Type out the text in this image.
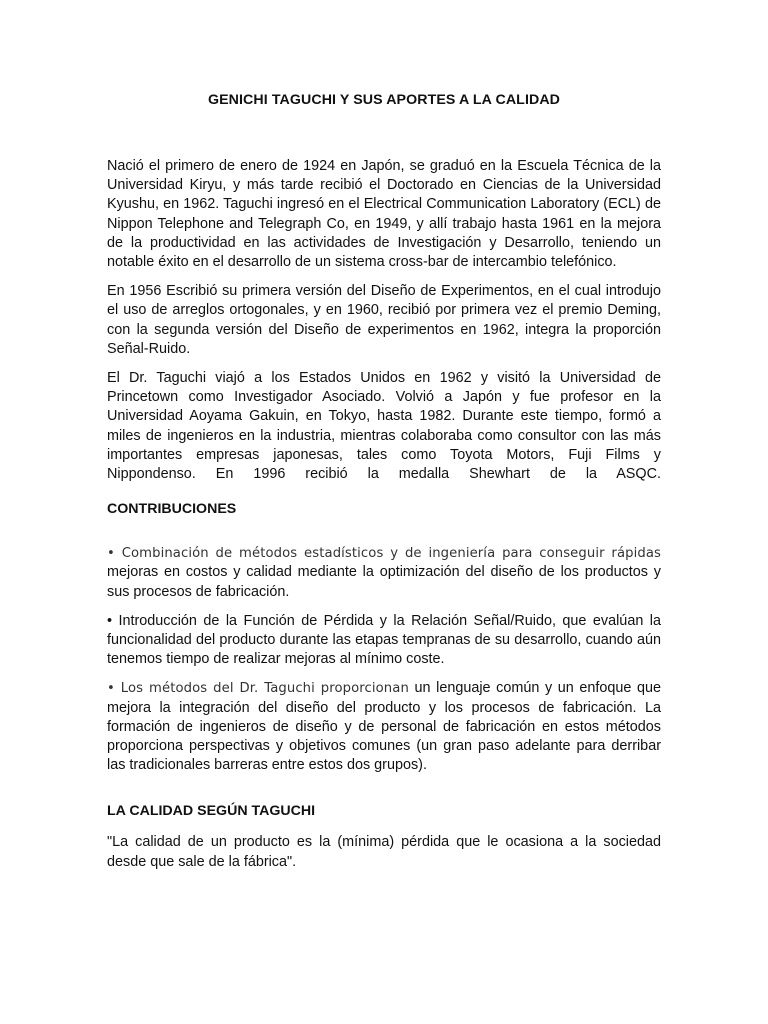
GENICHI TAGUCHI Y SUS APORTES A LA CALIDAD

Nació el primero de enero de 1924 en Japón, se graduó en la Escuela Técnica de la Universidad Kiryu, y más tarde recibió el Doctorado en Ciencias de la Universidad Kyushu, en 1962. Taguchi ingresó en el Electrical Communication Laboratory (ECL) de Nippon Telephone and Telegraph Co, en 1949, y allí trabajo hasta 1961 en la mejora de la productividad en las actividades de Investigación y Desarrollo, teniendo un notable éxito en el desarrollo de un sistema cross-bar de intercambio telefónico.

En 1956 Escribió su primera versión del Diseño de Experimentos, en el cual introdujo el uso de arreglos ortogonales, y en 1960, recibió por primera vez el premio Deming, con la segunda versión del Diseño de experimentos en 1962, integra la proporción Señal-Ruido.

El Dr. Taguchi viajó a los Estados Unidos en 1962 y visitó la Universidad de Princetown como Investigador Asociado. Volvió a Japón y fue profesor en la Universidad Aoyama Gakuin, en Tokyo, hasta 1982. Durante este tiempo, formó a miles de ingenieros en la industria, mientras colaboraba como consultor con las más importantes empresas japonesas, tales como Toyota Motors, Fuji Films y Nippondenso. En 1996 recibió la medalla Shewhart de la ASQC.

CONTRIBUCIONES

• Combinación de métodos estadísticos y de ingeniería para conseguir rápidas mejoras en costos y calidad mediante la optimización del diseño de los productos y sus procesos de fabricación.

• Introducción de la Función de Pérdida y la Relación Señal/Ruido, que evalúan la funcionalidad del producto durante las etapas tempranas de su desarrollo, cuando aún tenemos tiempo de realizar mejoras al mínimo coste.

• Los métodos del Dr. Taguchi proporcionan un lenguaje común y un enfoque que mejora la integración del diseño del producto y los procesos de fabricación. La formación de ingenieros de diseño y de personal de fabricación en estos métodos proporciona perspectivas y objetivos comunes (un gran paso adelante para derribar las tradicionales barreras entre estos dos grupos).

LA CALIDAD SEGÚN TAGUCHI

"La calidad de un producto es la (mínima) pérdida que le ocasiona a la sociedad desde que sale de la fábrica".
